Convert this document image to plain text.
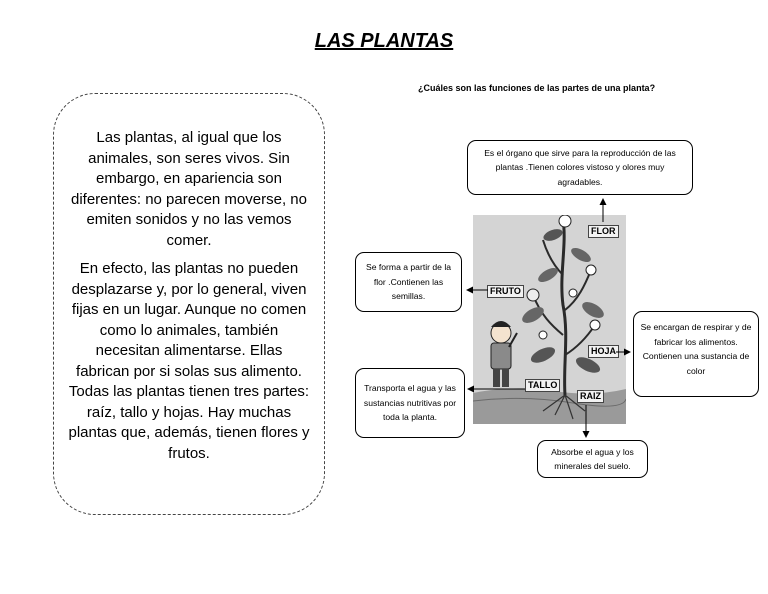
LAS PLANTAS

Las plantas, al igual que los animales, son seres vivos. Sin embargo, en apariencia son diferentes: no parecen moverse, no emiten sonidos y no las vemos comer.

En efecto, las plantas no pueden desplazarse y, por lo general, viven fijas en un lugar. Aunque no comen como lo animales, también necesitan alimentarse. Ellas fabrican por si solas sus alimento. Todas las plantas tienen tres partes: raíz, tallo y hojas. Hay muchas plantas que, además, tienen flores y frutos.

¿Cuáles son las funciones de las partes de una planta?
FLOR
FRUTO
HOJA
TALLO
RAIZ
Es el órgano que sirve para la reproducción de las plantas .Tienen colores vistoso y olores muy agradables.
Se forma a partir de la flor .Contienen las semillas.
Se encargan de respirar y de fabricar los alimentos. Contienen una sustancia de color
Transporta el agua y las sustancias nutritivas por toda la planta.
Absorbe el agua y los minerales del suelo.
